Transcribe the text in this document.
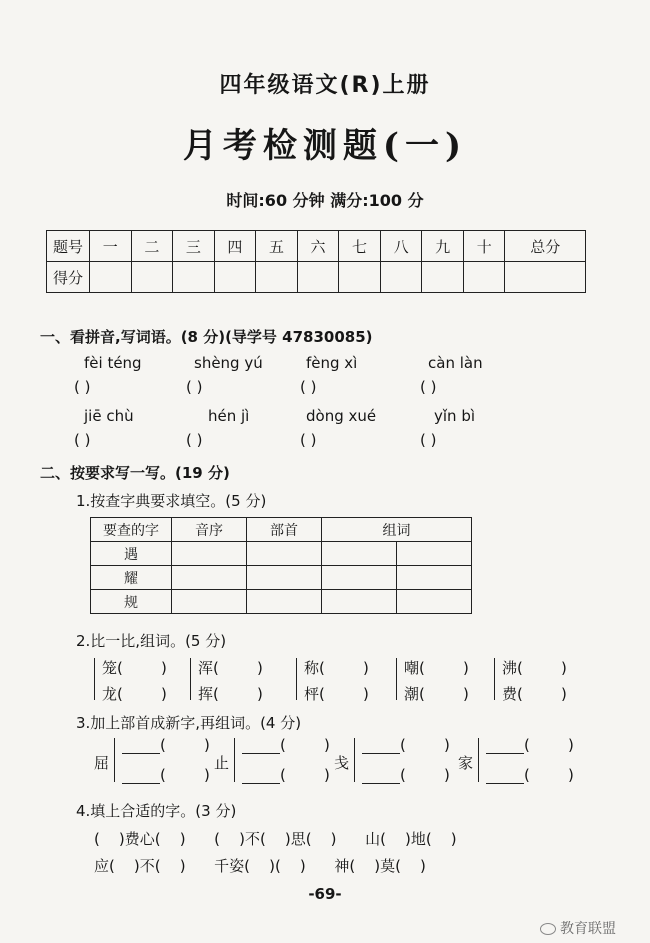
四年级语文(R)上册
月考检测题(一)
时间:60 分钟 满分:100 分
题号	一	二	三	四	五	六	七	八	九	十	总分
得分											
一、看拼音,写词语。(8 分)(导学号 47830085)
fèi téng	shèng yú	fèng xì	càn làn
( )	( )	( )	( )
jiē chù	hén jì	dòng xué	yǐn bì
( )	( )	( )	( )
二、按要求写一写。(19 分)
1.按查字典要求填空。(5 分)
要查的字	音序	部首	组词	
遇				
耀				
规				
2.比一比,组词。(5 分)
笼(        ) 浑(        )	称(        ) 嘲(        ) 沸(        )
龙(        ) 挥(        )	枰(        ) 潮(        ) 费(        )
3.加上部首成新字,再组词。(4 分)
屈
(        )
(        )
止
(        )
(        )
戋
(        )
(        )
家
(        )
(        )
4.填上合适的字。(3 分)
(    )费心(    )      (    )不(    )思(    )      山(    )地(    )
应(    )不(    )      千姿(    )(    )      神(    )莫(    )
-69-
教育联盟
